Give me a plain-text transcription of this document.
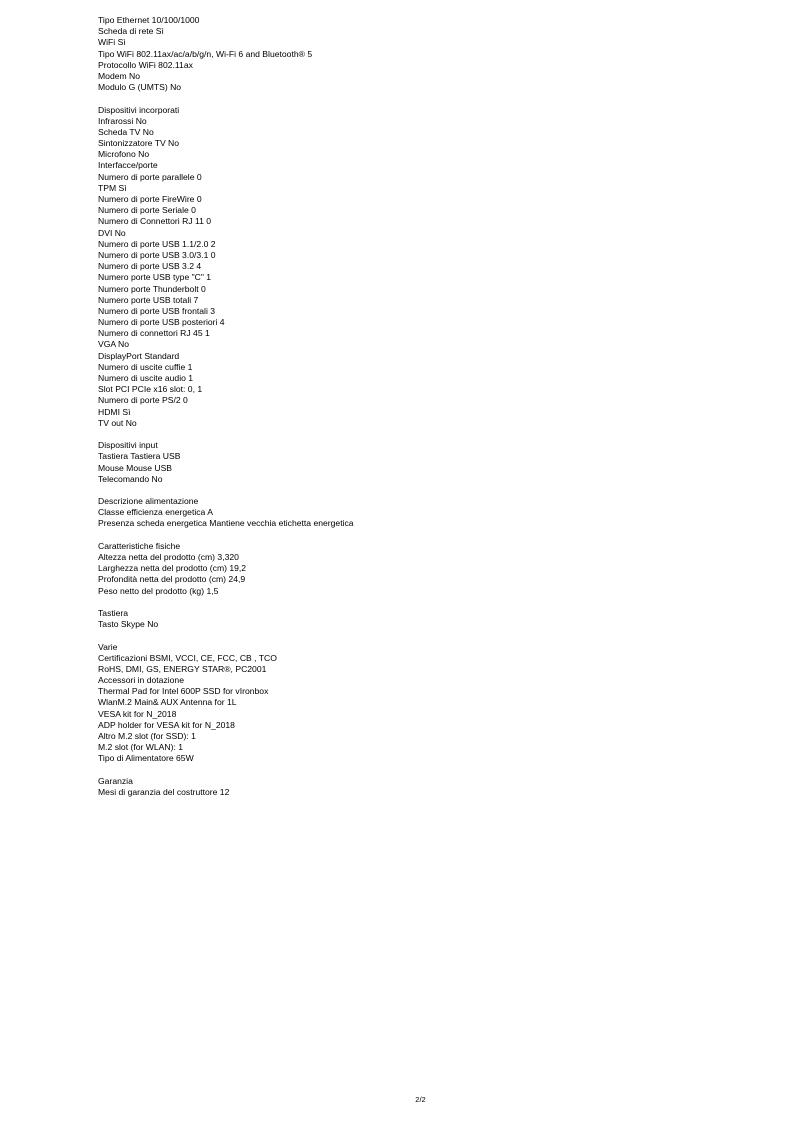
Tipo Ethernet 10/100/1000
Scheda di rete Sì
WiFi Sì
Tipo WiFi 802.11ax/ac/a/b/g/n, Wi-Fi 6 and Bluetooth® 5
Protocollo WiFi 802.11ax
Modem No
Modulo G (UMTS) No
Dispositivi incorporati
Infrarossi No
Scheda TV No
Sintonizzatore TV No
Microfono No
Interfacce/porte
Numero di porte parallele 0
TPM Sì
Numero di porte FireWire 0
Numero di porte Seriale 0
Numero di Connettori RJ 11 0
DVI No
Numero di porte USB 1.1/2.0 2
Numero di porte USB 3.0/3.1 0
Numero di porte USB 3.2 4
Numero porte USB type "C" 1
Numero porte Thunderbolt 0
Numero porte USB totali 7
Numero di porte USB frontali 3
Numero di porte USB posteriori 4
Numero di connettori RJ 45 1
VGA No
DisplayPort Standard
Numero di uscite cuffie 1
Numero di uscite audio 1
Slot PCI PCIe x16 slot: 0, 1
Numero di porte PS/2 0
HDMI Sì
TV out No
Dispositivi input
Tastiera Tastiera USB
Mouse Mouse USB
Telecomando No
Descrizione alimentazione
Classe efficienza energetica A
Presenza scheda energetica Mantiene vecchia etichetta energetica
Caratteristiche fisiche
Altezza netta del prodotto (cm) 3,320
Larghezza netta del prodotto (cm) 19,2
Profondità netta del prodotto (cm) 24,9
Peso netto del prodotto (kg) 1,5
Tastiera
Tasto Skype No
Varie
Certificazioni BSMI, VCCI, CE, FCC, CB , TCO
RoHS, DMI, GS, ENERGY STAR®, PC2001
Accessori in dotazione
Thermal Pad for Intel 600P SSD for vIronbox
WlanM.2 Main& AUX Antenna for 1L
VESA kit for N_2018
ADP holder for VESA kit for N_2018
Altro M.2 slot (for SSD): 1
M.2 slot (for WLAN): 1
Tipo di Alimentatore 65W
Garanzia
Mesi di garanzia del costruttore 12
2/2
